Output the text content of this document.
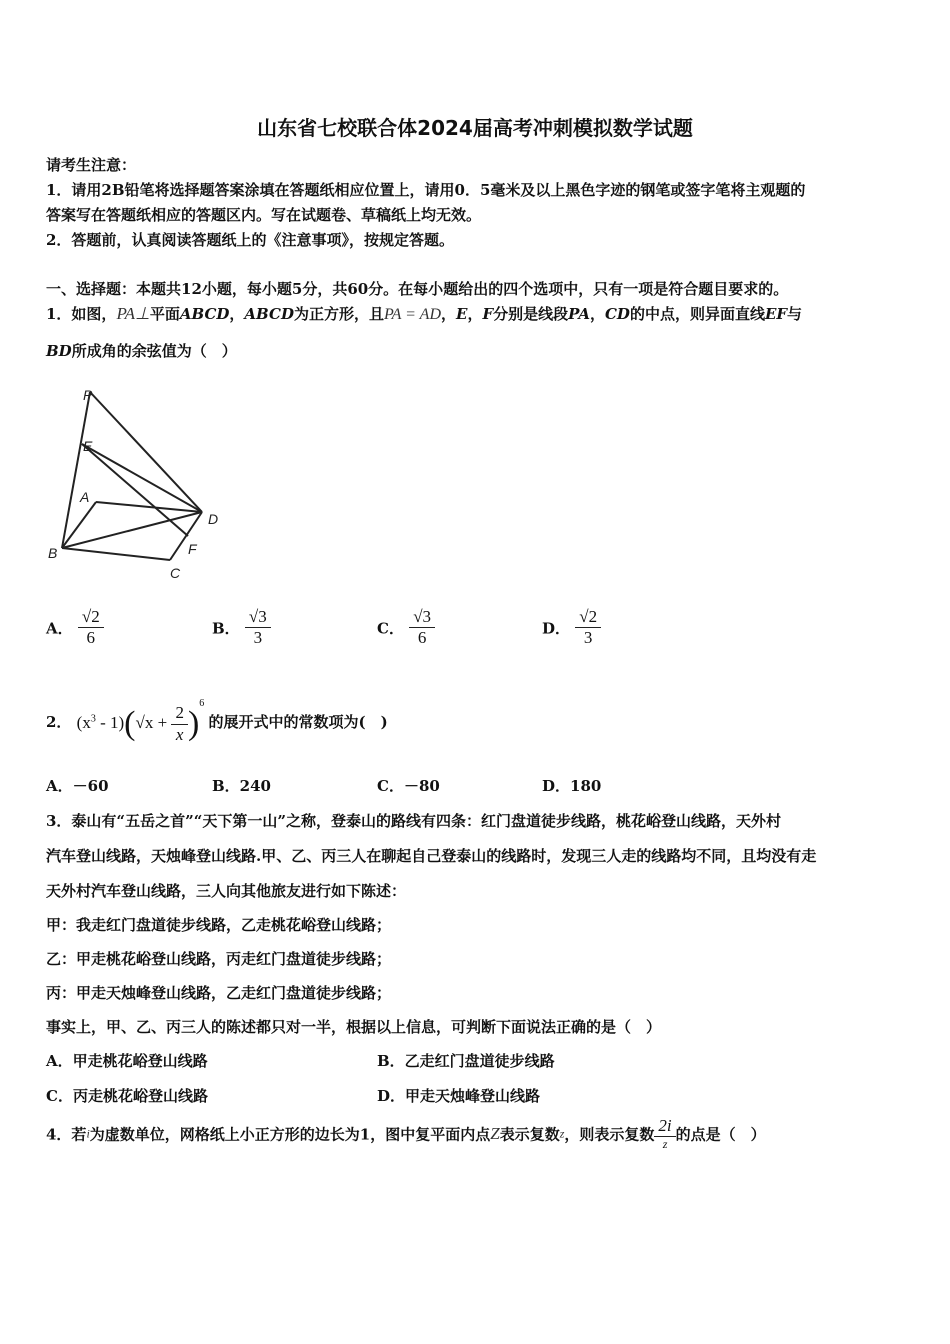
山东省七校联合体2024届高考冲刺模拟数学试题
请考生注意：
1．请用2B铅笔将选择题答案涂填在答题纸相应位置上，请用0．5毫米及以上黑色字迹的钢笔或签字笔将主观题的
答案写在答题纸相应的答题区内。写在试题卷、草稿纸上均无效。
2．答题前，认真阅读答题纸上的《注意事项》，按规定答题。
一、选择题：本题共12小题，每小题5分，共60分。在每小题给出的四个选项中，只有一项是符合题目要求的。
1．如图，PA⊥平面ABCD，ABCD为正方形，且PA = AD，E，F分别是线段PA，CD的中点，则异面直线EF与
BD所成角的余弦值为（　）
P
E
A
D
B	F
C
A． $\frac{√2}{6}$	B． $\frac{√3}{3}$	C． $\frac{√3}{6}$	D． $\frac{√2}{3}$
2． $(x^3 - 1)(√x + \frac{2}{x} )^6$ 的展开式中的常数项为(　)
A．－60	B．240	C．－80	D．180
3．泰山有“五岳之首”“天下第一山”之称，登泰山的路线有四条：红门盘道徒步线路，桃花峪登山线路，天外村
汽车登山线路，天烛峰登山线路.甲、乙、丙三人在聊起自己登泰山的线路时，发现三人走的线路均不同，且均没有走
天外村汽车登山线路，三人向其他旅友进行如下陈述：
甲：我走红门盘道徒步线路，乙走桃花峪登山线路；
乙：甲走桃花峪登山线路，丙走红门盘道徒步线路；
丙：甲走天烛峰登山线路，乙走红门盘道徒步线路；
事实上，甲、乙、丙三人的陈述都只对一半，根据以上信息，可判断下面说法正确的是（　）
A．甲走桃花峪登山线路	B．乙走红门盘道徒步线路
C．丙走桃花峪登山线路	D．甲走天烛峰登山线路
4．若i为虚数单位，网格纸上小正方形的边长为1，图中复平面内点Z表示复数z，则表示复数 $\frac{2i}{z}$ 的点是（　）
